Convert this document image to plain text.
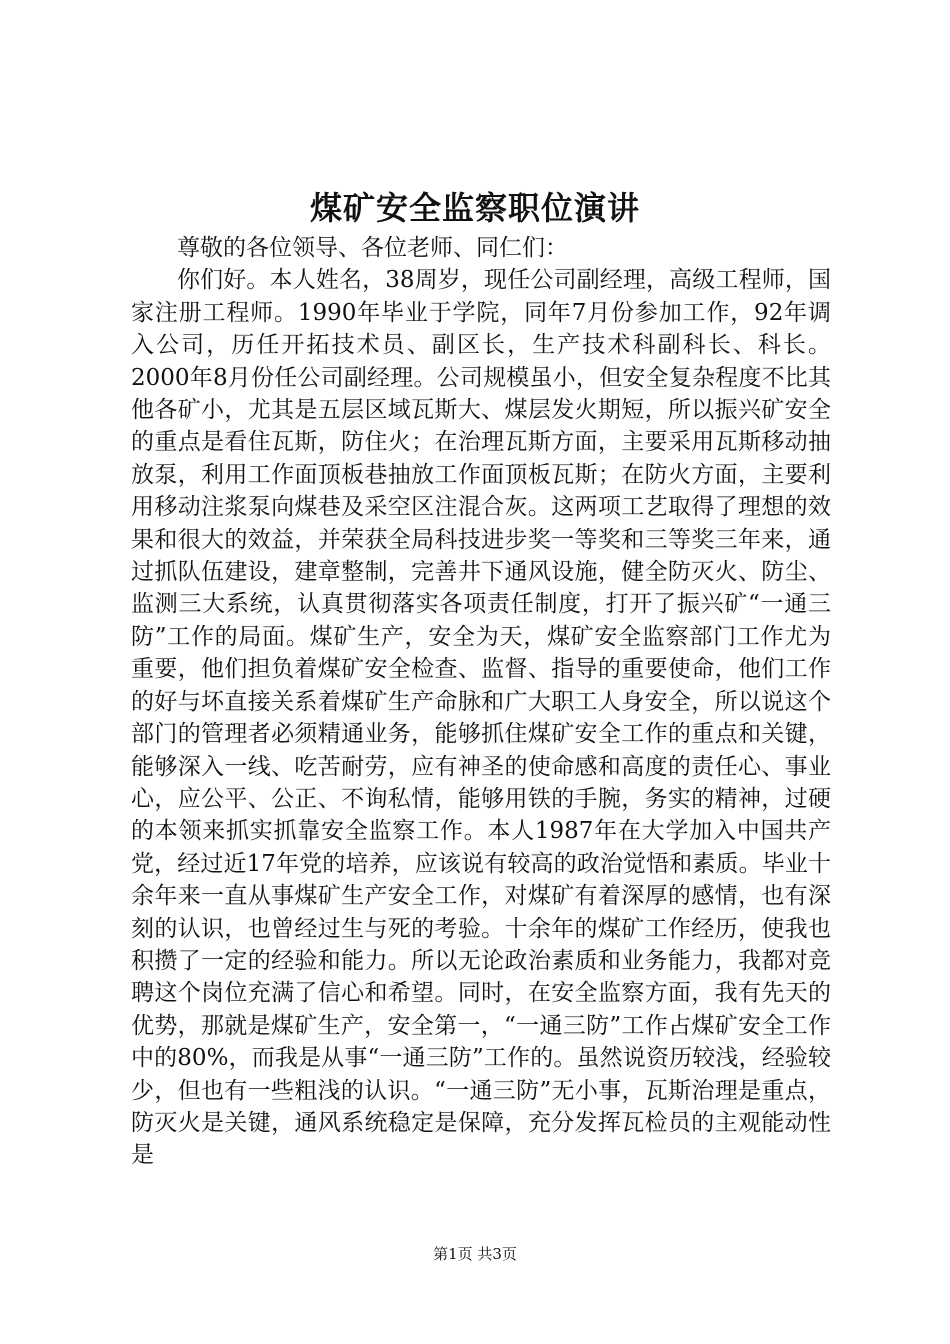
煤矿安全监察职位演讲

尊敬的各位领导、各位老师、同仁们：

你们好。本人姓名，38周岁，现任公司副经理，高级工程师，国家注册工程师。1990年毕业于学院，同年7月份参加工作，92年调入公司，历任开拓技术员、副区长，生产技术科副科长、科长。2000年8月份任公司副经理。公司规模虽小，但安全复杂程度不比其他各矿小，尤其是五层区域瓦斯大、煤层发火期短，所以振兴矿安全的重点是看住瓦斯，防住火；在治理瓦斯方面，主要采用瓦斯移动抽放泵，利用工作面顶板巷抽放工作面顶板瓦斯；在防火方面，主要利用移动注浆泵向煤巷及采空区注混合灰。这两项工艺取得了理想的效果和很大的效益，并荣获全局科技进步奖一等奖和三等奖三年来，通过抓队伍建设，建章整制，完善井下通风设施，健全防灭火、防尘、监测三大系统，认真贯彻落实各项责任制度，打开了振兴矿“一通三防”工作的局面。煤矿生产，安全为天，煤矿安全监察部门工作尤为重要，他们担负着煤矿安全检查、监督、指导的重要使命，他们工作的好与坏直接关系着煤矿生产命脉和广大职工人身安全，所以说这个部门的管理者必须精通业务，能够抓住煤矿安全工作的重点和关键，能够深入一线、吃苦耐劳，应有神圣的使命感和高度的责任心、事业心，应公平、公正、不询私情，能够用铁的手腕，务实的精神，过硬的本领来抓实抓靠安全监察工作。本人1987年在大学加入中国共产党，经过近17年党的培养，应该说有较高的政治觉悟和素质。毕业十余年来一直从事煤矿生产安全工作，对煤矿有着深厚的感情，也有深刻的认识，也曾经过生与死的考验。十余年的煤矿工作经历，使我也积攒了一定的经验和能力。所以无论政治素质和业务能力，我都对竞聘这个岗位充满了信心和希望。同时，在安全监察方面，我有先天的优势，那就是煤矿生产，安全第一，“一通三防”工作占煤矿安全工作中的80%，而我是从事“一通三防”工作的。虽然说资历较浅，经验较少，但也有一些粗浅的认识。“一通三防”无小事，瓦斯治理是重点，防灭火是关键，通风系统稳定是保障，充分发挥瓦检员的主观能动性是

第1页 共3页
